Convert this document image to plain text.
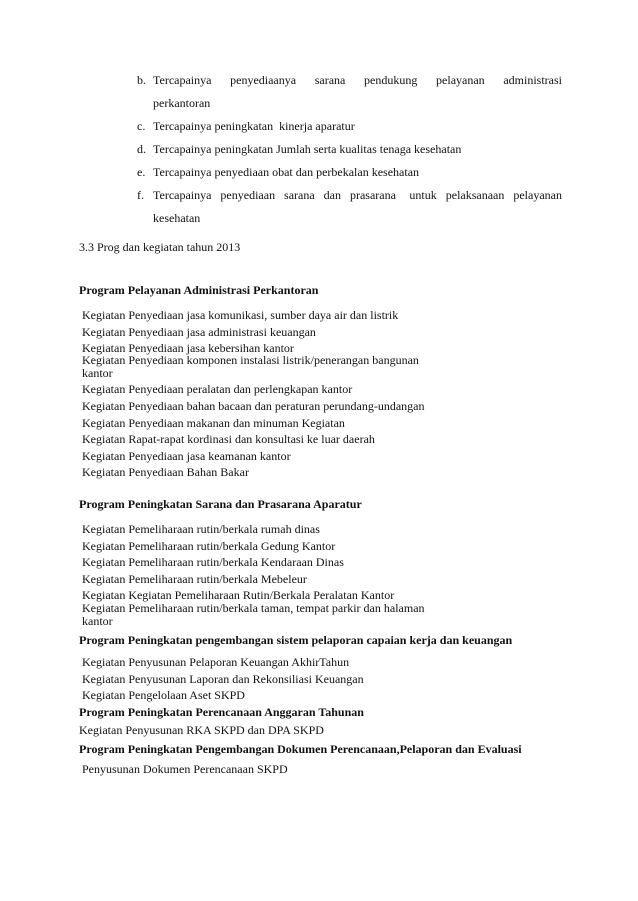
b. Tercapainya   penyediaanya   sarana   pendukung   pelayanan   administrasi
perkantoran
c. Tercapainya peningkatan  kinerja aparatur
d. Tercapainya peningkatan Jumlah serta kualitas tenaga kesehatan
e. Tercapainya penyediaan obat dan perbekalan kesehatan
f. Tercapainya  penyediaan  sarana  dan  prasarana   untuk  pelaksanaan  pelayanan
kesehatan
3.3 Prog dan kegiatan tahun 2013
Program Pelayanan Administrasi Perkantoran
Kegiatan Penyediaan jasa komunikasi, sumber daya air dan listrik
Kegiatan Penyediaan jasa administrasi keuangan
Kegiatan Penyediaan jasa kebersihan kantor
Kegiatan Penyediaan komponen instalasi listrik/penerangan bangunan
kantor
Kegiatan Penyediaan peralatan dan perlengkapan kantor
Kegiatan Penyediaan bahan bacaan dan peraturan perundang-undangan
Kegiatan Penyediaan makanan dan minuman Kegiatan
Kegiatan Rapat-rapat kordinasi dan konsultasi ke luar daerah
Kegiatan Penyediaan jasa keamanan kantor
Kegiatan Penyediaan Bahan Bakar
Program Peningkatan Sarana dan Prasarana Aparatur
Kegiatan Pemeliharaan rutin/berkala rumah dinas
Kegiatan Pemeliharaan rutin/berkala Gedung Kantor
Kegiatan Pemeliharaan rutin/berkala Kendaraan Dinas
Kegiatan Pemeliharaan rutin/berkala Mebeleur
Kegiatan Kegiatan Pemeliharaan Rutin/Berkala Peralatan Kantor
Kegiatan Pemeliharaan rutin/berkala taman, tempat parkir dan halaman
kantor
Program Peningkatan pengembangan sistem pelaporan capaian kerja dan keuangan
Kegiatan Penyusunan Pelaporan Keuangan AkhirTahun
Kegiatan Penyusunan Laporan dan Rekonsiliasi Keuangan
Kegiatan Pengelolaan Aset SKPD
Program Peningkatan Perencanaan Anggaran Tahunan
Kegiatan Penyusunan RKA SKPD dan DPA SKPD
Program Peningkatan Pengembangan Dokumen Perencanaan,Pelaporan dan Evaluasi
Penyusunan Dokumen Perencanaan SKPD
